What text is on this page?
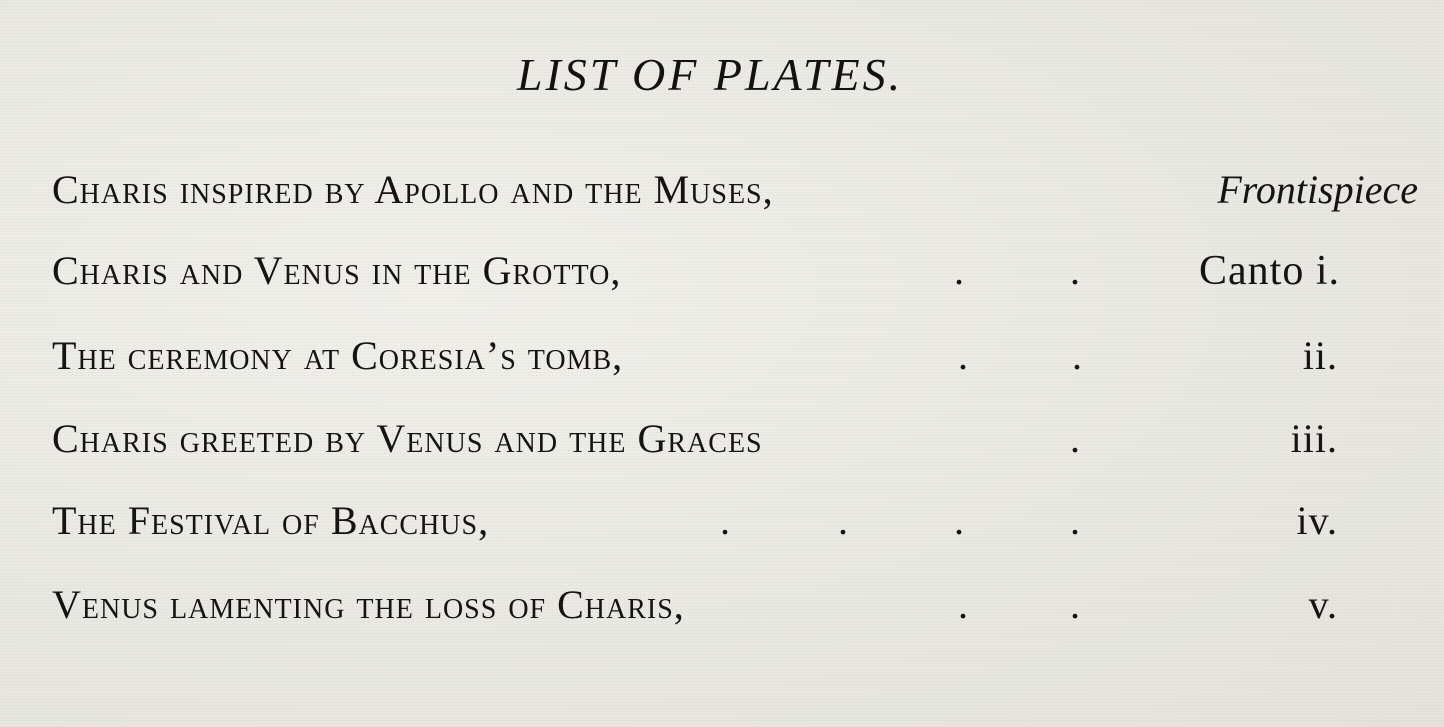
LIST OF PLATES.
Charis inspired by Apollo and the Muses,	Frontispiece
Charis and Venus in the Grotto,	.	.	Canto i.
The ceremony at Coresia’s tomb,	.	.	ii.
Charis greeted by Venus and the Graces	.	iii.
The Festival of Bacchus,	.	.	.	.	iv.
Venus lamenting the loss of Charis,	.	.	v.
